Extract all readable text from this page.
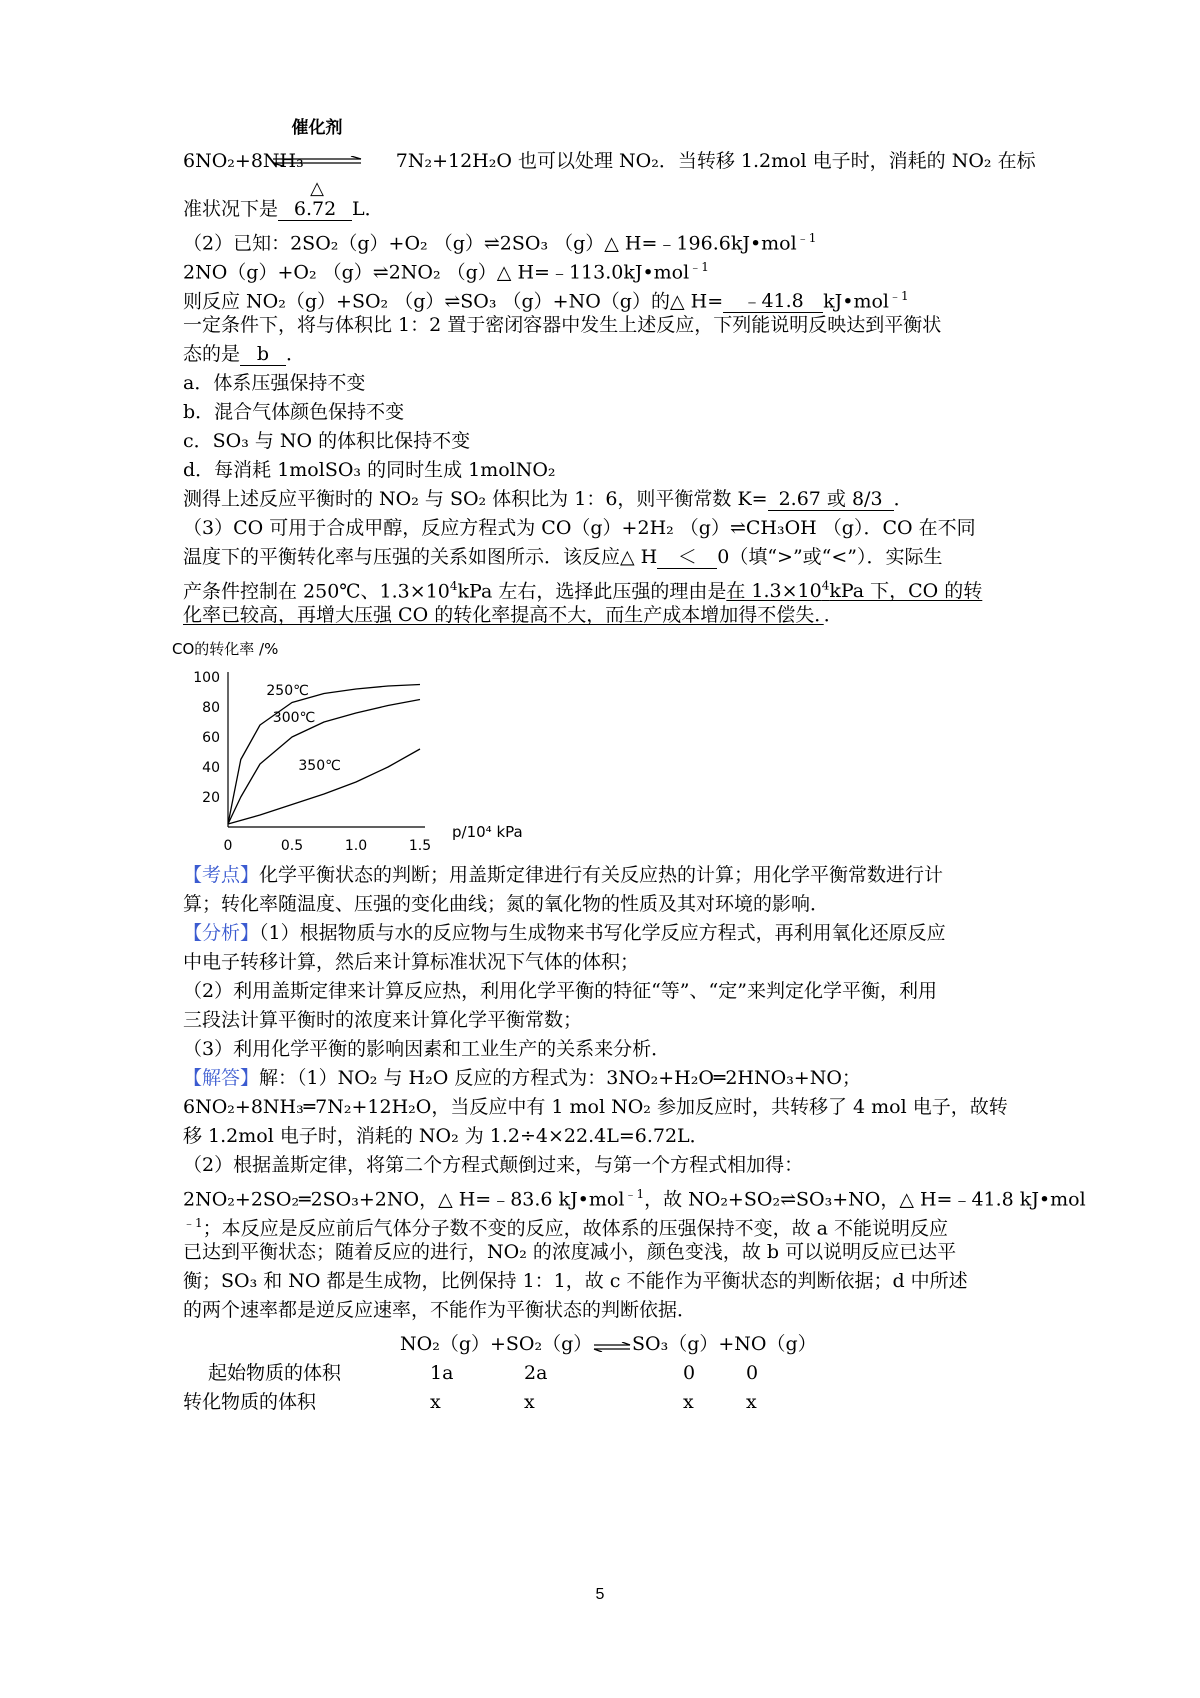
催化剂
△
6NO₂+8NH₃	7N₂+12H₂O 也可以处理 NO₂．当转移 1.2mol 电子时，消耗的 NO₂ 在标
准状况下是 6.72 L．
（2）已知：2SO₂（g）+O₂ （g）⇌2SO₃ （g）△ H=﹣196.6kJ•mol$^{﹣1}$
2NO（g）+O₂ （g）⇌2NO₂ （g）△ H=﹣113.0kJ•mol$^{﹣1}$
则反应 NO₂（g）+SO₂ （g）⇌SO₃ （g）+NO（g）的△ H= ﹣41.8 kJ•mol$^{﹣1}$
一定条件下，将与体积比 1：2 置于密闭容器中发生上述反应，下列能说明反映达到平衡状
态的是 b ．
a．体系压强保持不变
b．混合气体颜色保持不变
c．SO₃ 与 NO 的体积比保持不变
d．每消耗 1molSO₃ 的同时生成 1molNO₂
测得上述反应平衡时的 NO₂ 与 SO₂ 体积比为 1：6，则平衡常数 K= 2.67 或 8/3 ．
（3）CO 可用于合成甲醇，反应方程式为 CO（g）+2H₂ （g）⇌CH₃OH （g）．CO 在不同
温度下的平衡转化率与压强的关系如图所示．该反应△ H ＜ 0（填“>”或“<”）．实际生
产条件控制在 250℃、$1.3\times 10^4kPa$ 左右，选择此压强的理由是在 $1.3\times 10^4kPa$ 下，CO 的转
化率已较高，再增大压强 CO 的转化率提高不大，而生产成本增加得不偿失．．
CO的转化率 /%
0	0.5	1.0	1.5
20
40
60
80
100
250℃
300℃
350℃
p/10⁴ kPa
【考点】化学平衡状态的判断；用盖斯定律进行有关反应热的计算；用化学平衡常数进行计
算；转化率随温度、压强的变化曲线；氮的氧化物的性质及其对环境的影响．
【分析】（1）根据物质与水的反应物与生成物来书写化学反应方程式，再利用氧化还原反应
中电子转移计算，然后来计算标准状况下气体的体积；
（2）利用盖斯定律来计算反应热，利用化学平衡的特征“等”、“定”来判定化学平衡，利用
三段法计算平衡时的浓度来计算化学平衡常数；
（3）利用化学平衡的影响因素和工业生产的关系来分析．
【解答】解：（1）NO₂ 与 H₂O 反应的方程式为：3NO₂+H₂O═2HNO₃+NO；
6NO₂+8NH₃═7N₂+12H₂O，当反应中有 1 mol NO₂ 参加反应时，共转移了 4 mol 电子，故转
移 1.2mol 电子时，消耗的 NO₂ 为 1.2÷4×22.4L=6.72L．
（2）根据盖斯定律，将第二个方程式颠倒过来，与第一个方程式相加得：
2NO₂+2SO₂═2SO₃+2NO，△ H=﹣83.6 kJ•mol$^{﹣1}$，故 NO₂+SO₂⇌SO₃+NO，△ H=﹣41.8 kJ•mol
$^{﹣1}$；本反应是反应前后气体分子数不变的反应，故体系的压强保持不变，故 a 不能说明反应
已达到平衡状态；随着反应的进行，NO₂ 的浓度减小，颜色变浅，故 b 可以说明反应已达平
衡；SO₃ 和 NO 都是生成物，比例保持 1：1，故 c 不能作为平衡状态的判断依据；d 中所述
的两个速率都是逆反应速率，不能作为平衡状态的判断依据．
NO₂（g）+SO₂（g） ⇌ SO₃（g）+NO（g）
起始物质的体积	1a	2a	0	0
转化物质的体积	x	x	x	x
5
